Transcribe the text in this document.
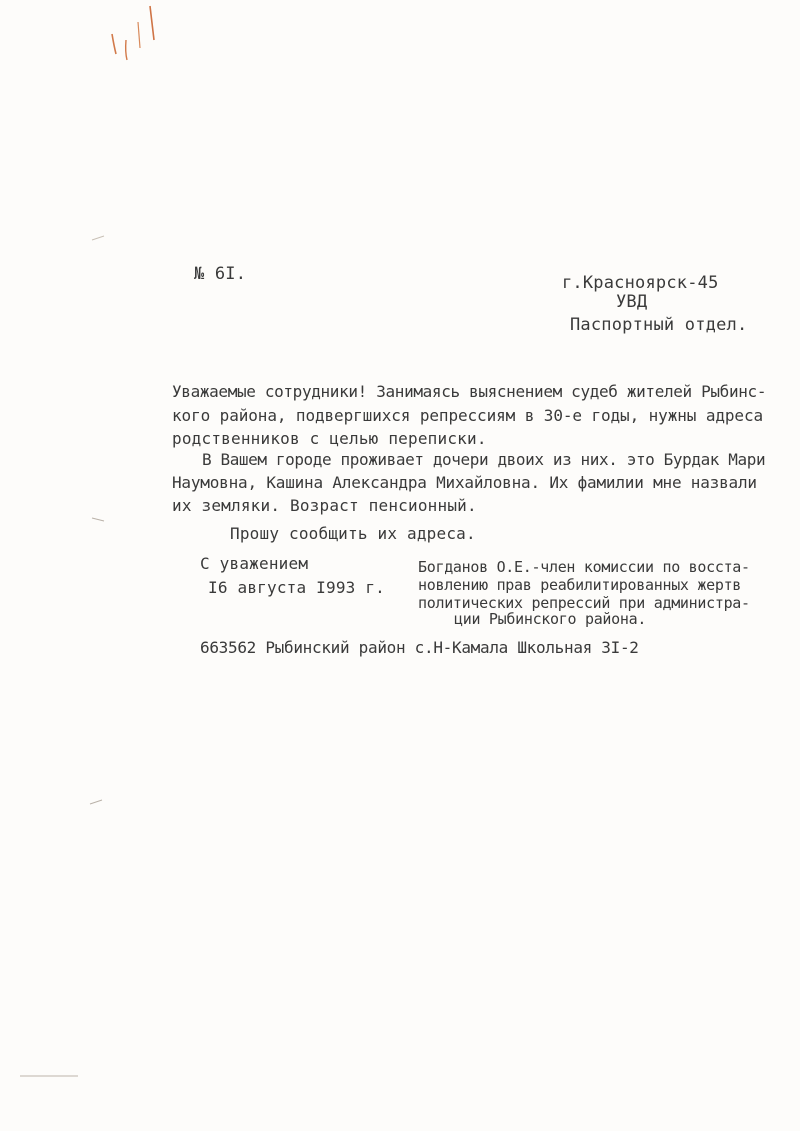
№ 6I.	г.Красноярск-45
УВД
Паспортный отдел.
Уважаемые сотрудники! Занимаясь выяснением судеб жителей Рыбинс-
кого района, подвергшихся репрессиям в 30-е годы, нужны адреса
родственников с целью переписки.
В Вашем городе проживает дочери двоих из них. это Бурдак Мари
Наумовна, Кашина Александра Михайловна. Их фамилии мне назвали
их земляки. Возраст пенсионный.
Прошу сообщить их адреса.
С уважением
I6 августа I993 г.
Богданов О.Е.-член комиссии по восста-
новлению прав реабилитированных жертв
политических репрессий при администра-
ции Рыбинского района.
663562 Рыбинский район с.Н-Камала Школьная 3I-2
